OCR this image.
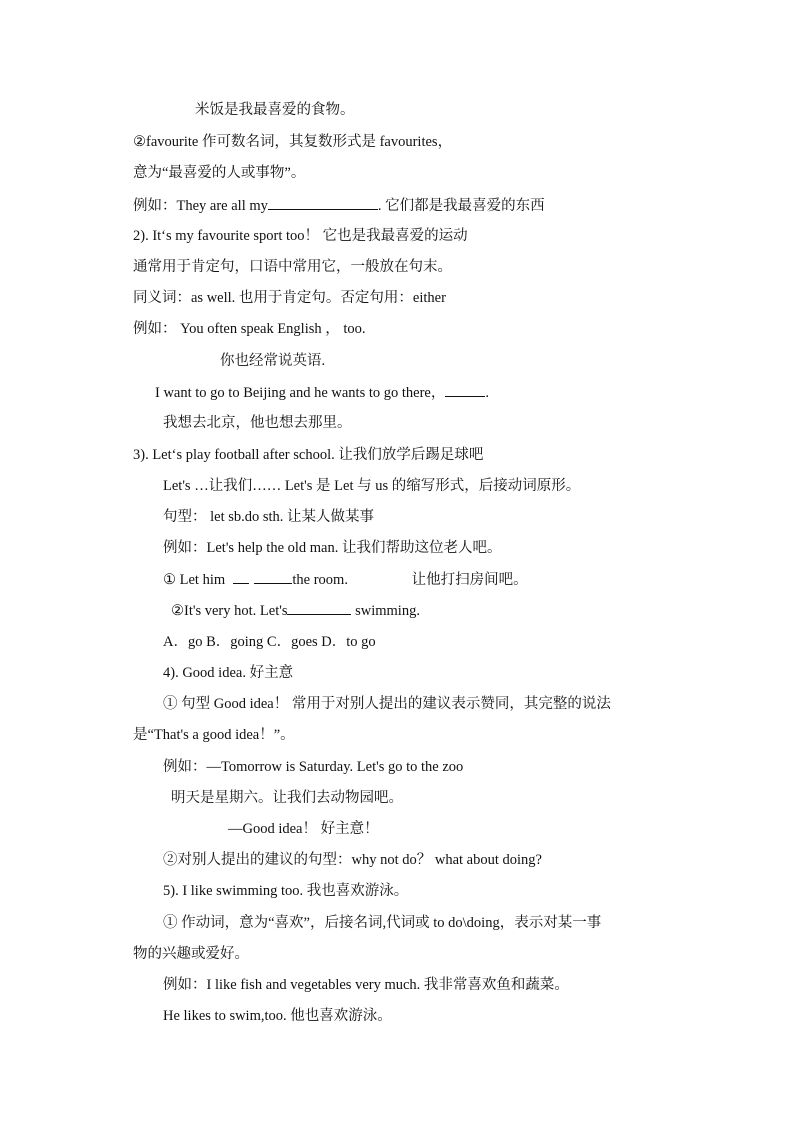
米饭是我最喜爱的食物。
②favourite 作可数名词，其复数形式是 favourites，
意为“最喜爱的人或事物”。
例如：They are all my	. 它们都是我最喜爱的东西
2). It‘s my favourite sport too！ 它也是我最喜爱的运动
通常用于肯定句，口语中常用它，一般放在句末。
同义词：as well. 也用于肯定句。否定句用：either
例如： You often speak English ， too.
你也经常说英语.
I want to go to Beijing and he wants to go there，	.
我想去北京，他也想去那里。
3). Let‘s play football after school. 让我们放学后踢足球吧
Let's …让我们…… Let's 是 Let 与 us 的缩写形式，后接动词原形。
句型： let sb.do sth. 让某人做某事
例如：Let's help the old man. 让我们帮助这位老人吧。
① Let him	the room.	让他打扫房间吧。
②It's very hot. Let's	swimming.
A．go B．going C．goes D．to go
4). Good idea. 好主意
① 句型 Good idea！ 常用于对别人提出的建议表示赞同，其完整的说法
是“That's a good idea！”。
例如：—Tomorrow is Saturday. Let's go to the zoo
明天是星期六。让我们去动物园吧。
—Good idea！ 好主意！
②对别人提出的建议的句型：why not do？ what about doing?
5). I like swimming too. 我也喜欢游泳。
① 作动词，意为“喜欢”，后接名词,代词或 to do\doing，表示对某一事
物的兴趣或爱好。
例如：I like fish and vegetables very much. 我非常喜欢鱼和蔬菜。
He likes to swim,too. 他也喜欢游泳。
